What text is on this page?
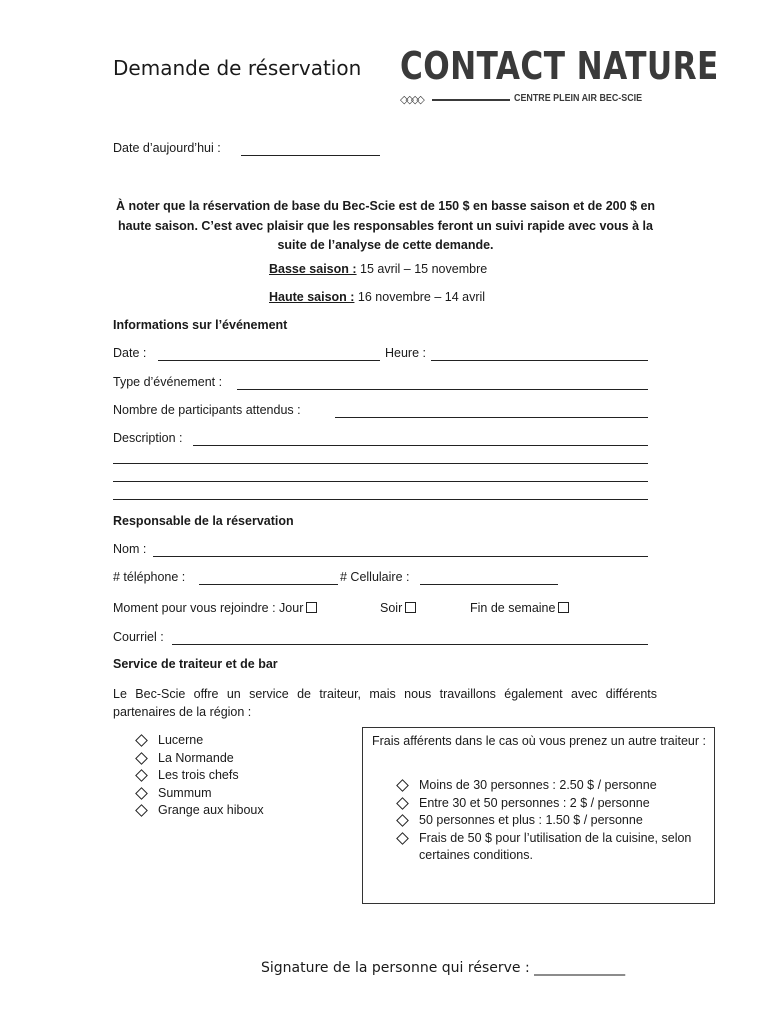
Demande de réservation CONTACT NATURE
◇◇◇◇	CENTRE PLEIN AIR BEC-SCIE
Date d’aujourd’hui :
À noter que la réservation de base du Bec-Scie est de 150 $ en basse saison et de 200 $ en haute saison. C’est avec plaisir que les responsables feront un suivi rapide avec vous à la suite de l’analyse de cette demande.
Basse saison : 15 avril – 15 novembre
Haute saison : 16 novembre – 14 avril
Informations sur l’événement
Date :	Heure :
Type d’événement :
Nombre de participants attendus :
Description :
Responsable de la réservation
Nom :
# téléphone :	# Cellulaire :
Moment pour vous rejoindre : Jour	Soir	Fin de semaine
Courriel :
Service de traiteur et de bar
Le Bec-Scie offre un service de traiteur, mais nous travaillons également avec différents partenaires de la région :
Lucerne
La Normande
Les trois chefs
Summum
Grange aux hiboux
Frais afférents dans le cas où vous prenez un autre traiteur :
Moins de 30 personnes : 2.50 $ / personne
Entre 30 et 50 personnes : 2 $ / personne
50 personnes et plus : 1.50 $ / personne
Frais de 50 $ pour l’utilisation de la cuisine, selon certaines conditions.
Signature de la personne qui réserve : _____________
